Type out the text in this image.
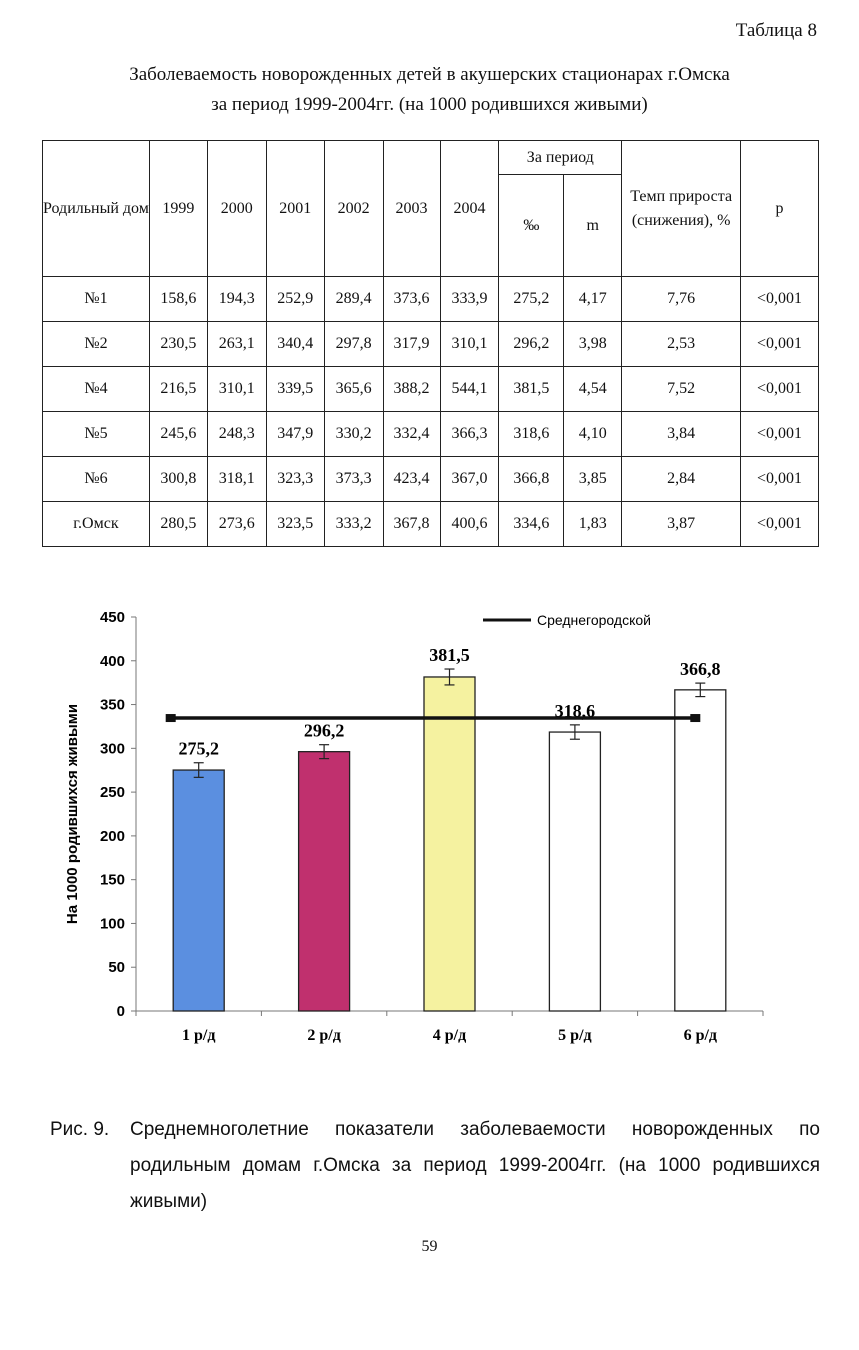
Таблица 8
Заболеваемость новорожденных детей в акушерских стационарах г.Омска
за период 1999-2004гг. (на 1000 родившихся живыми)
Родильный дом	1999	2000	2001	2002	2003	2004	За период		Темп прироста (снижения), %	р
							‰	m		
№1	158,6	194,3	252,9	289,4	373,6	333,9	275,2	4,17	7,76	<0,001
№2	230,5	263,1	340,4	297,8	317,9	310,1	296,2	3,98	2,53	<0,001
№4	216,5	310,1	339,5	365,6	388,2	544,1	381,5	4,54	7,52	<0,001
№5	245,6	248,3	347,9	330,2	332,4	366,3	318,6	4,10	3,84	<0,001
№6	300,8	318,1	323,3	373,3	423,4	367,0	366,8	3,85	2,84	<0,001
г.Омск	280,5	273,6	323,5	333,2	367,8	400,6	334,6	1,83	3,87	<0,001
0
50
100
150
200
250
300
350
400
450
На 1000 родившихся живыми	275,2
1 р/д
296,2
2 р/д
381,5
4 р/д
318,6
5 р/д
366,8
6 р/д
Среднегородской
Рис. 9. Среднемноголетние показатели заболеваемости новорожденных по родильным домам г.Омска за период 1999-2004гг. (на 1000 родившихся живыми)
59
